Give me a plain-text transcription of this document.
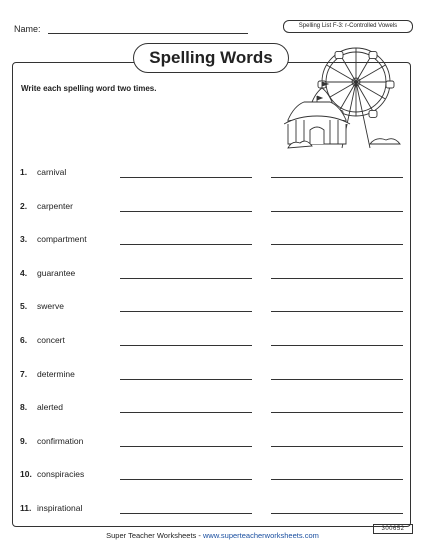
Name:	Spelling List F-3: r-Controlled Vowels
Spelling Words
Write each spelling word two times.
1. carnival
2. carpenter
3. compartment
4. guarantee
5. swerve
6. concert
7. determine
8. alerted
9. confirmation
10. conspiracies
11. inspirational
Super Teacher Worksheets - www.superteacherworksheets.com
300652
